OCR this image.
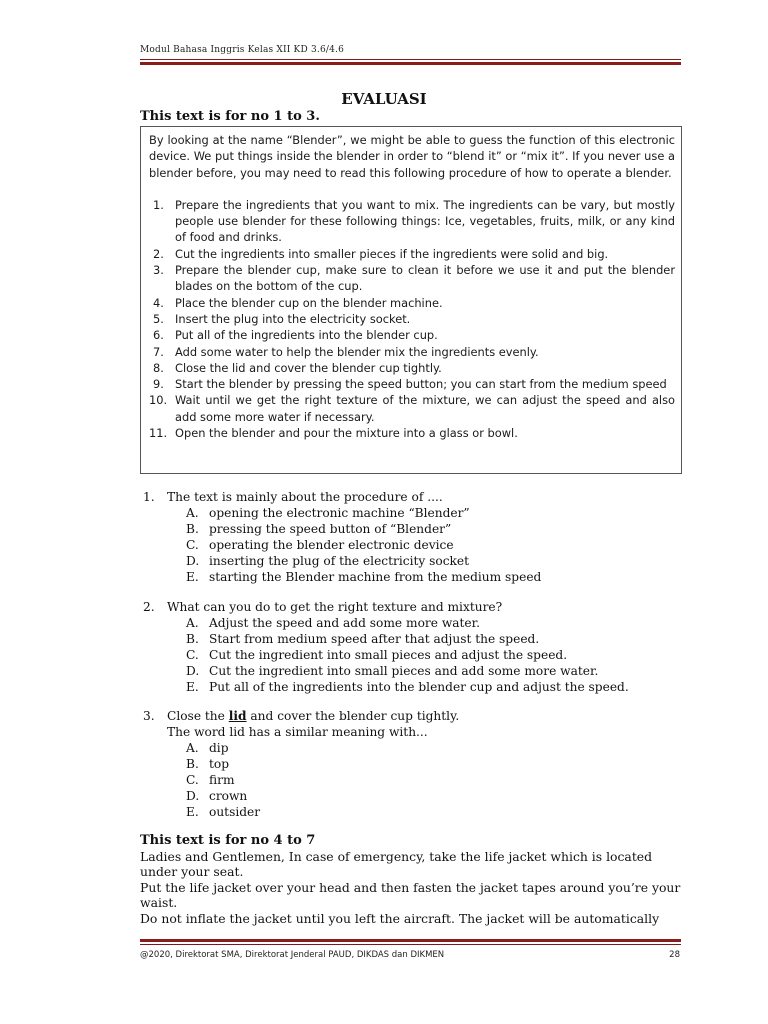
Modul Bahasa Inggris Kelas XII KD 3.6/4.6
EVALUASI
This text is for no 1 to 3.

By looking at the name “Blender”, we might be able to guess the function of this electronic device. We put things inside the blender in order to “blend it” or “mix it”. If you never use a blender before, you may need to read this following procedure of how to operate a blender.

1. Prepare the ingredients that you want to mix. The ingredients can be vary, but mostly people use blender for these following things: Ice, vegetables, fruits, milk, or any kind of food and drinks.
2. Cut the ingredients into smaller pieces if the ingredients were solid and big.
3. Prepare the blender cup, make sure to clean it before we use it and put the blender blades on the bottom of the cup.
4. Place the blender cup on the blender machine.
5. Insert the plug into the electricity socket.
6. Put all of the ingredients into the blender cup.
7. Add some water to help the blender mix the ingredients evenly.
8. Close the lid and cover the blender cup tightly.
9. Start the blender by pressing the speed button; you can start from the medium speed
10. Wait until we get the right texture of the mixture, we can adjust the speed and also add some more water if necessary.
11. Open the blender and pour the mixture into a glass or bowl.
1. The text is mainly about the procedure of ....
A. opening the electronic machine “Blender”
B. pressing the speed button of “Blender”
C. operating the blender electronic device
D. inserting the plug of the electricity socket
E. starting the Blender machine from the medium speed
2. What can you do to get the right texture and mixture?
A. Adjust the speed and add some more water.
B. Start from medium speed after that adjust the speed.
C. Cut the ingredient into small pieces and adjust the speed.
D. Cut the ingredient into small pieces and add some more water.
E. Put all of the ingredients into the blender cup and adjust the speed.
3. Close the lid and cover the blender cup tightly.
The word lid has a similar meaning with...
A. dip
B. top
C. firm
D. crown
E. outsider
This text is for no 4 to 7
Ladies and Gentlemen, In case of emergency, take the life jacket which is located under your seat.
Put the life jacket over your head and then fasten the jacket tapes around you’re your waist.
Do not inflate the jacket until you left the aircraft. The jacket will be automatically
@2020, Direktorat SMA, Direktorat Jenderal PAUD, DIKDAS dan DIKMEN	28
